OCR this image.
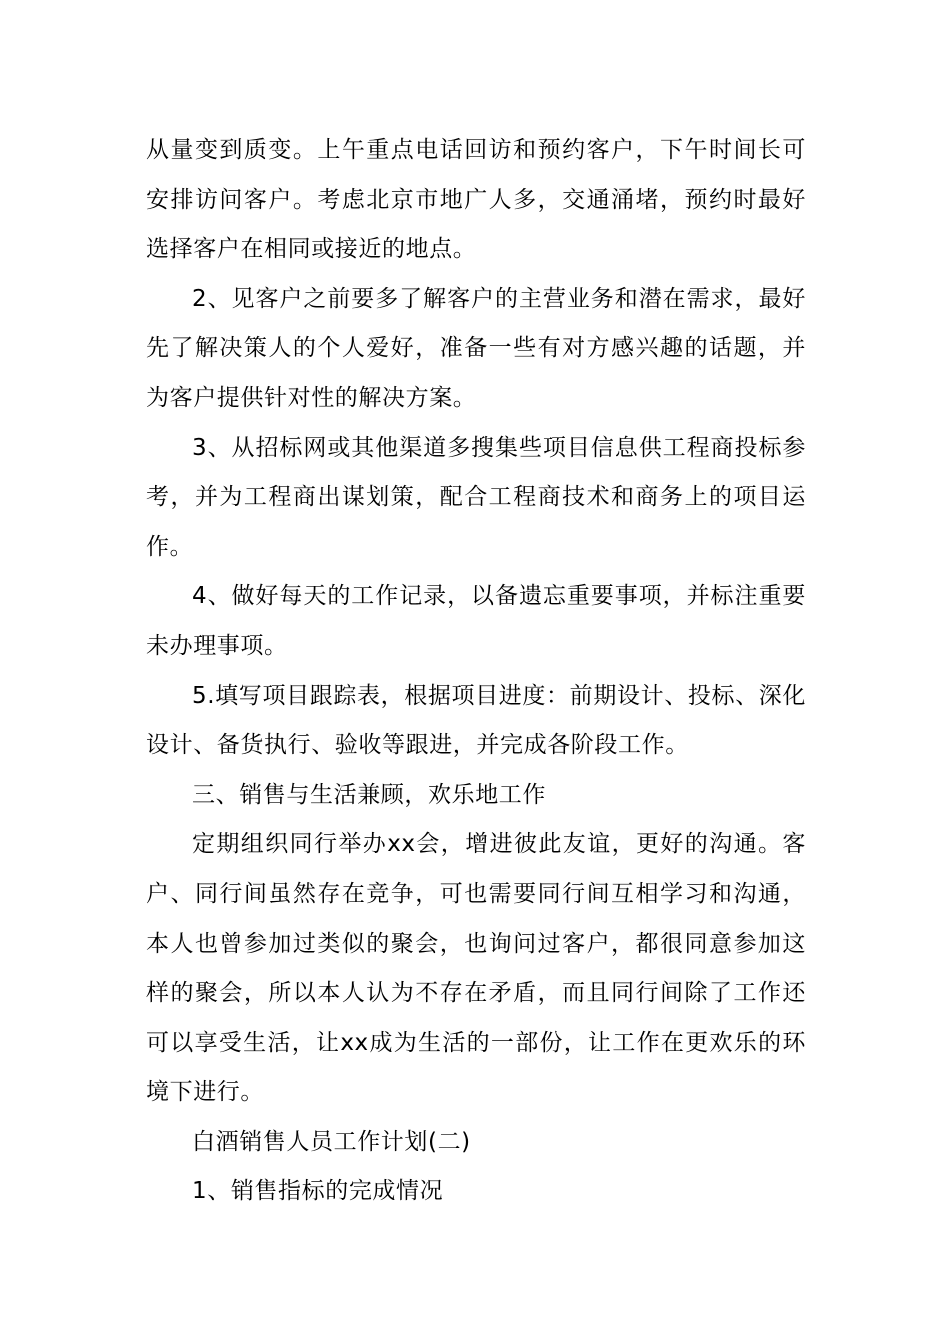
从量变到质变。上午重点电话回访和预约客户，下午时间长可安排访问客户。考虑北京市地广人多，交通涌堵，预约时最好选择客户在相同或接近的地点。

2、见客户之前要多了解客户的主营业务和潜在需求，最好先了解决策人的个人爱好，准备一些有对方感兴趣的话题，并为客户提供针对性的解决方案。

3、从招标网或其他渠道多搜集些项目信息供工程商投标参考，并为工程商出谋划策，配合工程商技术和商务上的项目运作。

4、做好每天的工作记录，以备遗忘重要事项，并标注重要未办理事项。

5.填写项目跟踪表，根据项目进度：前期设计、投标、深化设计、备货执行、验收等跟进，并完成各阶段工作。

三、销售与生活兼顾，欢乐地工作

定期组织同行举办xx会，增进彼此友谊，更好的沟通。客户、同行间虽然存在竞争，可也需要同行间互相学习和沟通，本人也曾参加过类似的聚会，也询问过客户，都很同意参加这样的聚会，所以本人认为不存在矛盾，而且同行间除了工作还可以享受生活，让xx成为生活的一部份，让工作在更欢乐的环境下进行。

白酒销售人员工作计划(二)

1、销售指标的完成情况
